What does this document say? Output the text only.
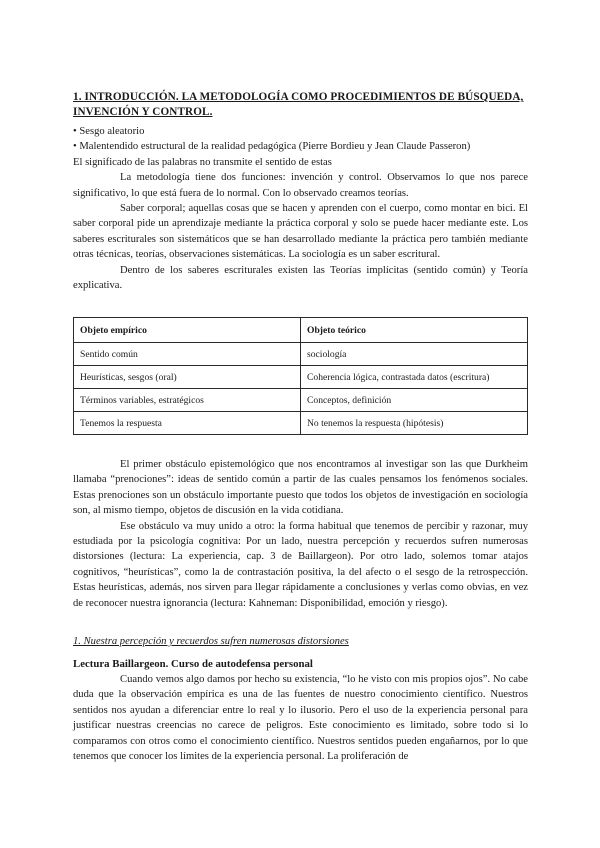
1. INTRODUCCIÓN. LA METODOLOGÍA COMO PROCEDIMIENTOS DE BÚSQUEDA, INVENCIÓN Y CONTROL.

• Sesgo aleatorio

• Malentendido estructural de la realidad pedagógica (Pierre Bordieu y Jean Claude Passeron)

El significado de las palabras no transmite el sentido de estas

La metodología tiene dos funciones: invención y control. Observamos lo que nos parece significativo, lo que está fuera de lo normal. Con lo observado creamos teorías.

Saber corporal; aquellas cosas que se hacen y aprenden con el cuerpo, como montar en bici. El saber corporal pide un aprendizaje mediante la práctica corporal y solo se puede hacer mediante este. Los saberes escriturales son sistemáticos que se han desarrollado mediante la práctica pero también mediante otras técnicas, teorías, observaciones sistemáticas. La sociología es un saber escritural.

Dentro de los saberes escriturales existen las Teorías implícitas (sentido común) y Teoría explicativa.

Objeto empírico	Objeto teórico
Sentido común	sociología
Heurísticas, sesgos (oral)	Coherencia lógica, contrastada datos (escritura)
Términos variables, estratégicos	Conceptos, definición
Tenemos la respuesta	No tenemos la respuesta (hipótesis)

El primer obstáculo epistemológico que nos encontramos al investigar son las que Durkheim llamaba “prenociones”: ideas de sentido común a partir de las cuales pensamos los fenómenos sociales. Estas prenociones son un obstáculo importante puesto que todos los objetos de investigación en sociología son, al mismo tiempo, objetos de discusión en la vida cotidiana.

Ese obstáculo va muy unido a otro: la forma habitual que tenemos de percibir y razonar, muy estudiada por la psicología cognitiva: Por un lado, nuestra percepción y recuerdos sufren numerosas distorsiones (lectura: La experiencia, cap. 3 de Baillargeon). Por otro lado, solemos tomar atajos cognitivos, “heurísticas”, como la de contrastación positiva, la del afecto o el sesgo de la retrospección. Estas heurísticas, además, nos sirven para llegar rápidamente a conclusiones y verlas como obvias, en vez de reconocer nuestra ignorancia (lectura: Kahneman: Disponibilidad, emoción y riesgo).

1. Nuestra percepción y recuerdos sufren numerosas distorsiones
Lectura Baillargeon. Curso de autodefensa personal

Cuando vemos algo damos por hecho su existencia, “lo he visto con mis propios ojos”. No cabe duda que la observación empírica es una de las fuentes de nuestro conocimiento científico. Nuestros sentidos nos ayudan a diferenciar entre lo real y lo ilusorio. Pero el uso de la experiencia personal para justificar nuestras creencias no carece de peligros. Este conocimiento es limitado, sobre todo si lo comparamos con otros como el conocimiento científico. Nuestros sentidos pueden engañarnos, por lo que tenemos que conocer los límites de la experiencia personal. La proliferación de
